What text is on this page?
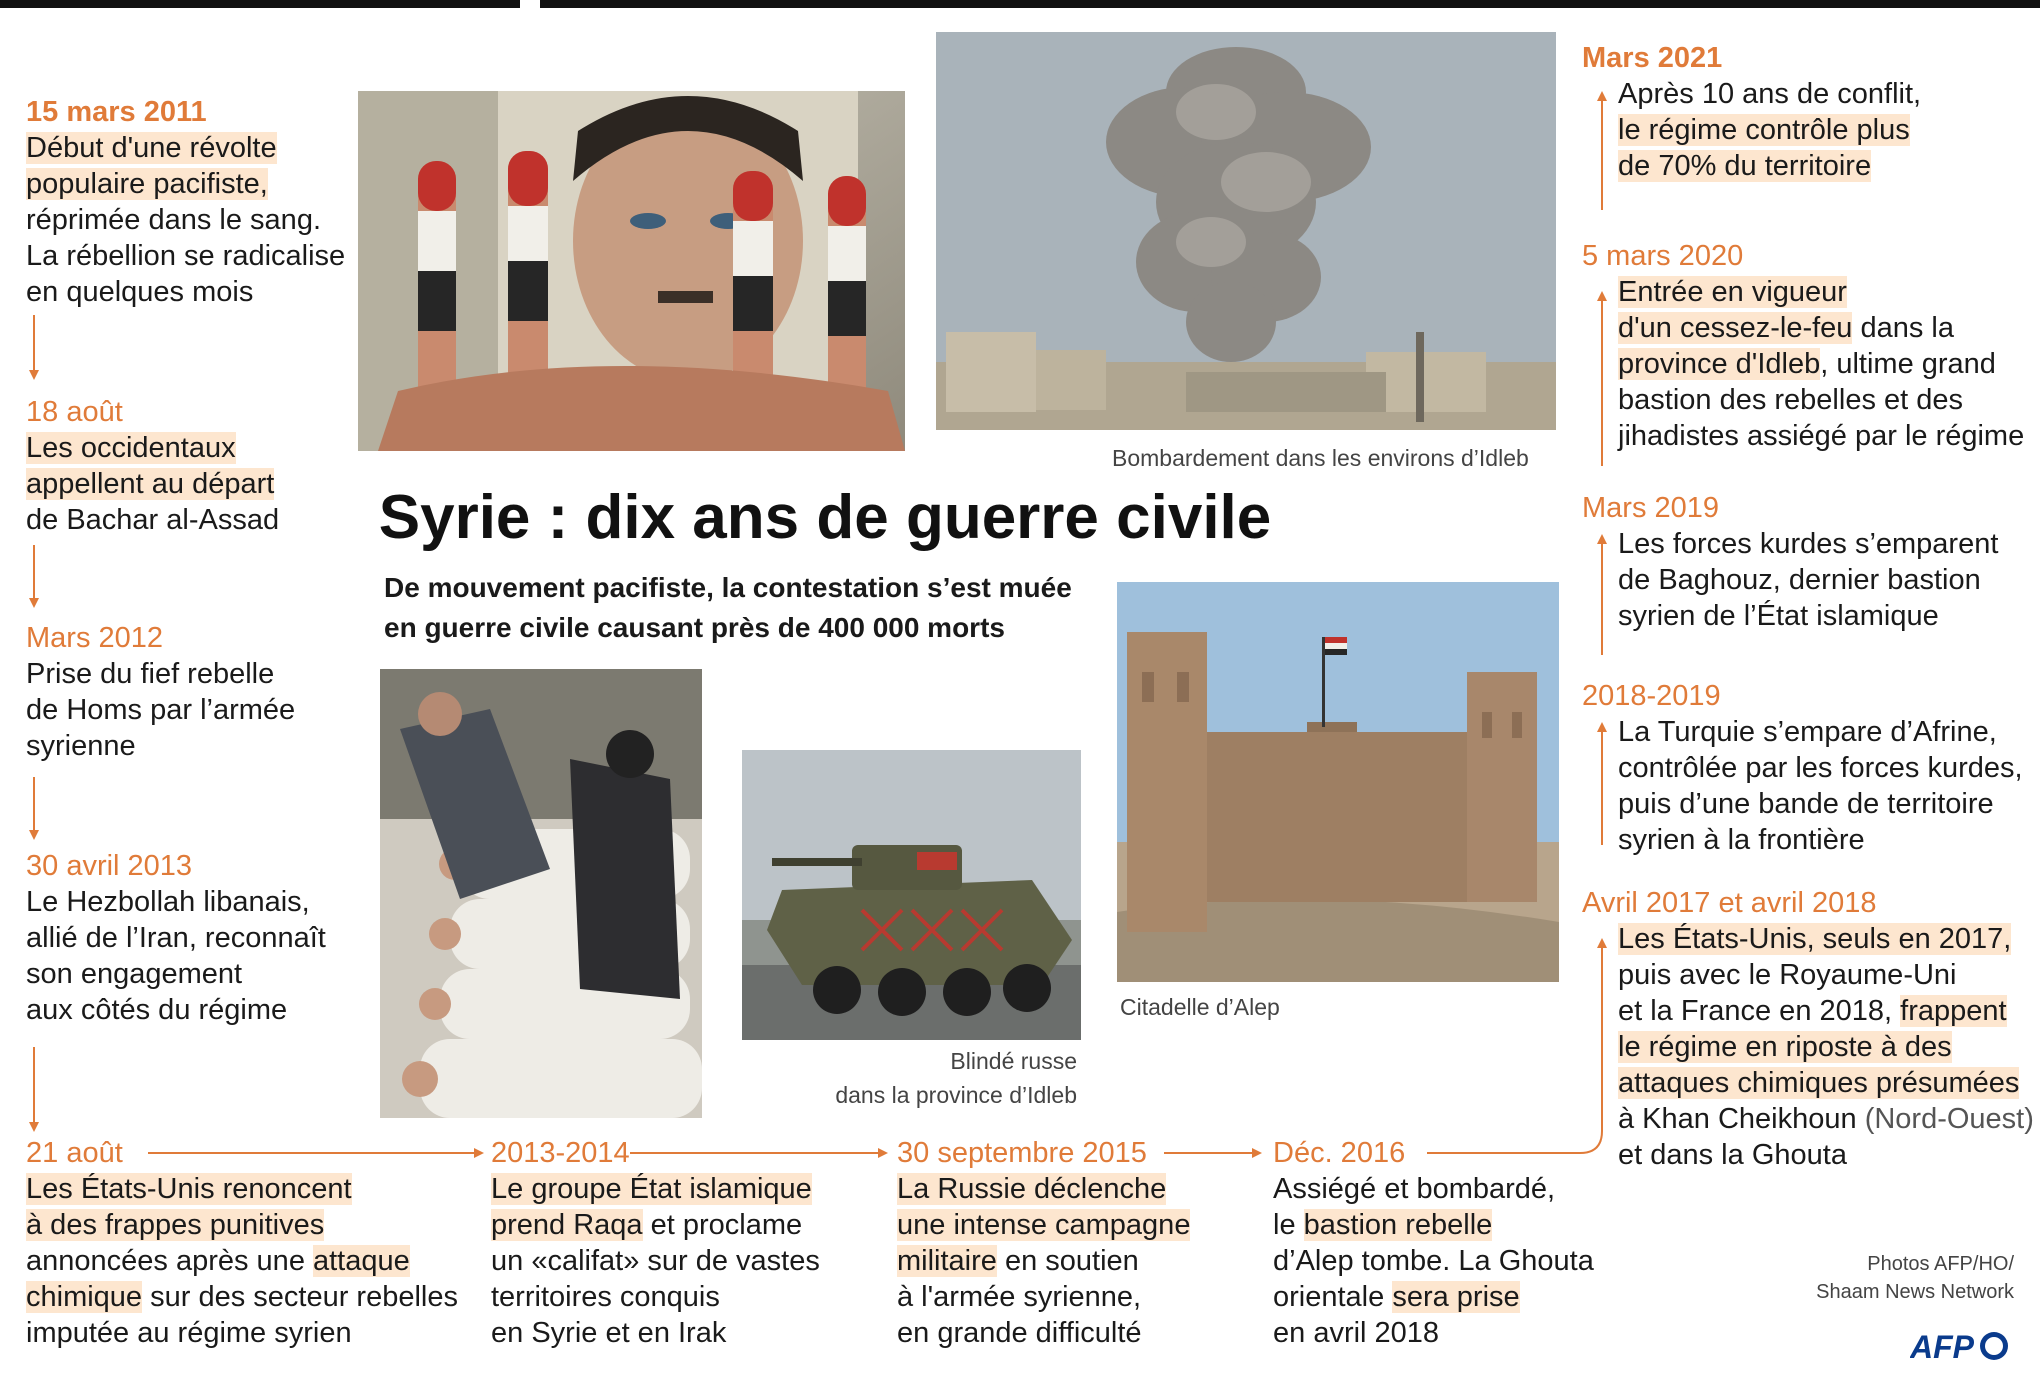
15 mars 2011
Début d'une révolte
populaire pacifiste,
réprimée dans le sang.
La rébellion se radicalise
en quelques mois
18 août
Les occidentaux
appellent au départ
de Bachar al-Assad
Mars 2012
Prise du fief rebelle
de Homs par l’armée
syrienne
30 avril 2013
Le Hezbollah libanais,
allié de l’Iran, reconnaît
son engagement
aux côtés du régime
21 août
Les États-Unis renoncent
à des frappes punitives
annoncées après une attaque
chimique sur des secteur rebelles
imputée au régime syrien
2013-2014
Le groupe État islamique
prend Raqa et proclame
un «califat» sur de vastes
territoires conquis
en Syrie et en Irak
30 septembre 2015
La Russie déclenche
une intense campagne
militaire en soutien
à l'armée syrienne,
en grande difficulté
Déc. 2016
Assiégé et bombardé,
le bastion rebelle
d’Alep tombe. La Ghouta
orientale sera prise
en avril 2018
Avril 2017 et avril 2018
Les États-Unis, seuls en 2017,
puis avec le Royaume-Uni
et la France en 2018, frappent
le régime en riposte à des
attaques chimiques présumées
à Khan Cheikhoun (Nord-Ouest)
et dans la Ghouta
2018-2019
La Turquie s’empare d’Afrine,
contrôlée par les forces kurdes,
puis d’une bande de territoire
syrien à la frontière
Mars 2019
Les forces kurdes s’emparent
de Baghouz, dernier bastion
syrien de l’État islamique
5 mars 2020
Entrée en vigueur
d'un cessez-le-feu dans la
province d'Idleb, ultime grand
bastion des rebelles et des
jihadistes assiégé par le régime
Mars 2021
Après 10 ans de conflit,
le régime contrôle plus
de 70% du territoire
Syrie : dix ans de guerre civile
De mouvement pacifiste, la contestation s’est muée
en guerre civile causant près de 400 000 morts
Bombardement dans les environs d’Idleb
Citadelle d’Alep
Blindé russe
dans la province d’Idleb
Photos AFP/HO/
Shaam News Network
AFP
